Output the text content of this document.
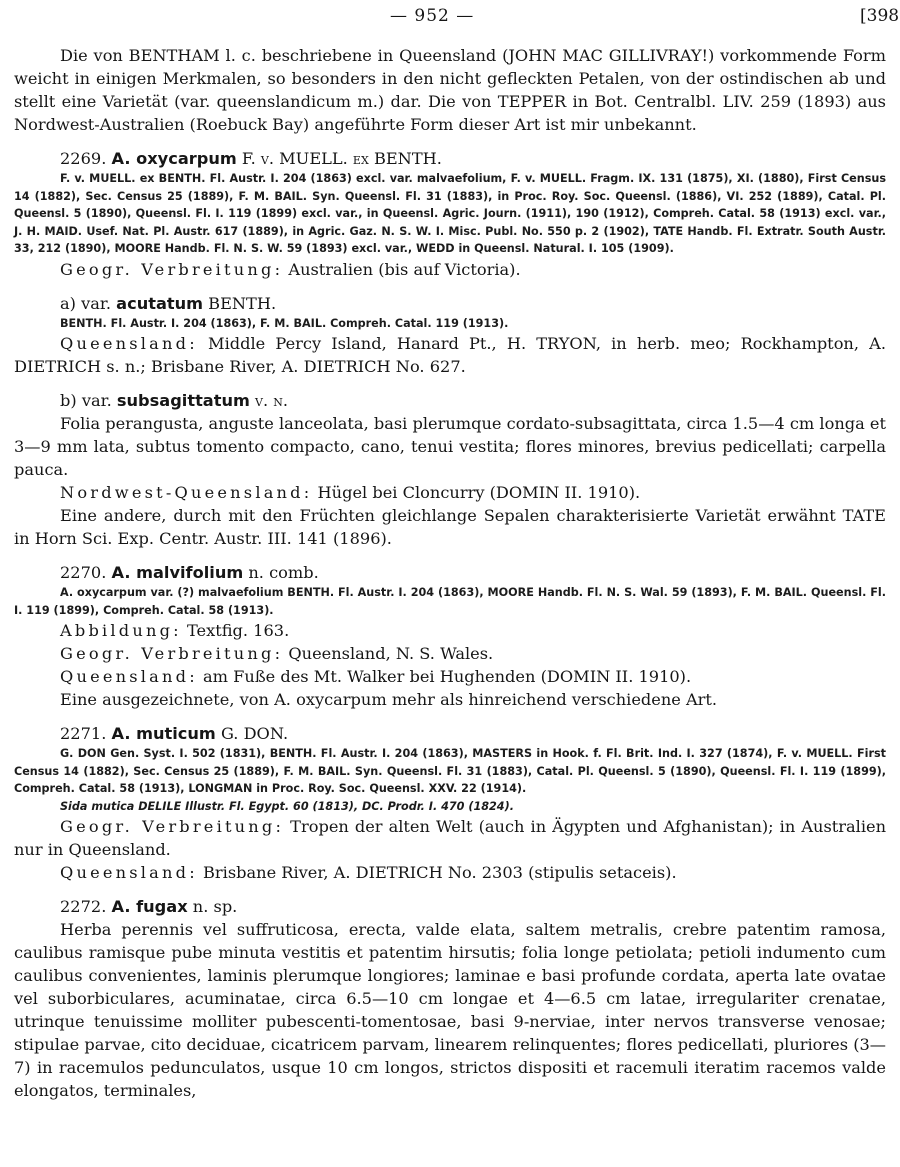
— 952 —	[398

Die von BENTHAM l. c. beschriebene in Queensland (JOHN MAC GILLIVRAY!) vorkommende Form weicht in einigen Merkmalen, so besonders in den nicht gefleckten Petalen, von der ostindischen ab und stellt eine Varietät (var. queenslandicum m.) dar. Die von TEPPER in Bot. Centralbl. LIV. 259 (1893) aus Nordwest-Australien (Roebuck Bay) angeführte Form dieser Art ist mir unbekannt.

2269. A. oxycarpum F. v. MUELL. ex BENTH.

F. v. MUELL. ex BENTH. Fl. Austr. I. 204 (1863) excl. var. malvaefolium, F. v. MUELL. Fragm. IX. 131 (1875), XI. (1880), First Census 14 (1882), Sec. Census 25 (1889), F. M. BAIL. Syn. Queensl. Fl. 31 (1883), in Proc. Roy. Soc. Queensl. (1886), VI. 252 (1889), Catal. Pl. Queensl. 5 (1890), Queensl. Fl. I. 119 (1899) excl. var., in Queensl. Agric. Journ. (1911), 190 (1912), Compreh. Catal. 58 (1913) excl. var., J. H. MAID. Usef. Nat. Pl. Austr. 617 (1889), in Agric. Gaz. N. S. W. I. Misc. Publ. No. 550 p. 2 (1902), TATE Handb. Fl. Extratr. South Austr. 33, 212 (1890), MOORE Handb. Fl. N. S. W. 59 (1893) excl. var., WEDD in Queensl. Natural. I. 105 (1909).

Geogr. Verbreitung: Australien (bis auf Victoria).

a) var. acutatum BENTH.

BENTH. Fl. Austr. I. 204 (1863), F. M. BAIL. Compreh. Catal. 119 (1913).

Queensland: Middle Percy Island, Hanard Pt., H. TRYON, in herb. meo; Rockhampton, A. DIETRICH s. n.; Brisbane River, A. DIETRICH No. 627.

b) var. subsagittatum v. n.

Folia perangusta, anguste lanceolata, basi plerumque cordato-subsagittata, circa 1.5—4 cm longa et 3—9 mm lata, subtus tomento compacto, cano, tenui vestita; flores minores, brevius pedicellati; carpella pauca.

Nordwest-Queensland: Hügel bei Cloncurry (DOMIN II. 1910).

Eine andere, durch mit den Früchten gleichlange Sepalen charakterisierte Varietät erwähnt TATE in Horn Sci. Exp. Centr. Austr. III. 141 (1896).

2270. A. malvifolium n. comb.

A. oxycarpum var. (?) malvaefolium BENTH. Fl. Austr. I. 204 (1863), MOORE Handb. Fl. N. S. Wal. 59 (1893), F. M. BAIL. Queensl. Fl. I. 119 (1899), Compreh. Catal. 58 (1913).

Abbildung: Textfig. 163.

Geogr. Verbreitung: Queensland, N. S. Wales.

Queensland: am Fuße des Mt. Walker bei Hughenden (DOMIN II. 1910).

Eine ausgezeichnete, von A. oxycarpum mehr als hinreichend verschiedene Art.

2271. A. muticum G. DON.

G. DON Gen. Syst. I. 502 (1831), BENTH. Fl. Austr. I. 204 (1863), MASTERS in Hook. f. Fl. Brit. Ind. I. 327 (1874), F. v. MUELL. First Census 14 (1882), Sec. Census 25 (1889), F. M. BAIL. Syn. Queensl. Fl. 31 (1883), Catal. Pl. Queensl. 5 (1890), Queensl. Fl. I. 119 (1899), Compreh. Catal. 58 (1913), LONGMAN in Proc. Roy. Soc. Queensl. XXV. 22 (1914).

Sida mutica DELILE Illustr. Fl. Egypt. 60 (1813), DC. Prodr. I. 470 (1824).

Geogr. Verbreitung: Tropen der alten Welt (auch in Ägypten und Afghanistan); in Australien nur in Queensland.

Queensland: Brisbane River, A. DIETRICH No. 2303 (stipulis setaceis).

2272. A. fugax n. sp.

Herba perennis vel suffruticosa, erecta, valde elata, saltem metralis, crebre patentim ramosa, caulibus ramisque pube minuta vestitis et patentim hirsutis; folia longe petiolata; petioli indumento cum caulibus convenientes, laminis plerumque longiores; laminae e basi profunde cordata, aperta late ovatae vel suborbiculares, acuminatae, circa 6.5—10 cm longae et 4—6.5 cm latae, irregulariter crenatae, utrinque tenuissime molliter pubescenti-tomentosae, basi 9-nerviae, inter nervos transverse venosae; stipulae parvae, cito deciduae, cicatricem parvam, linearem relinquentes; flores pedicellati, pluriores (3—7) in racemulos pedunculatos, usque 10 cm longos, strictos dispositi et racemuli iteratim racemos valde elongatos, terminales,
